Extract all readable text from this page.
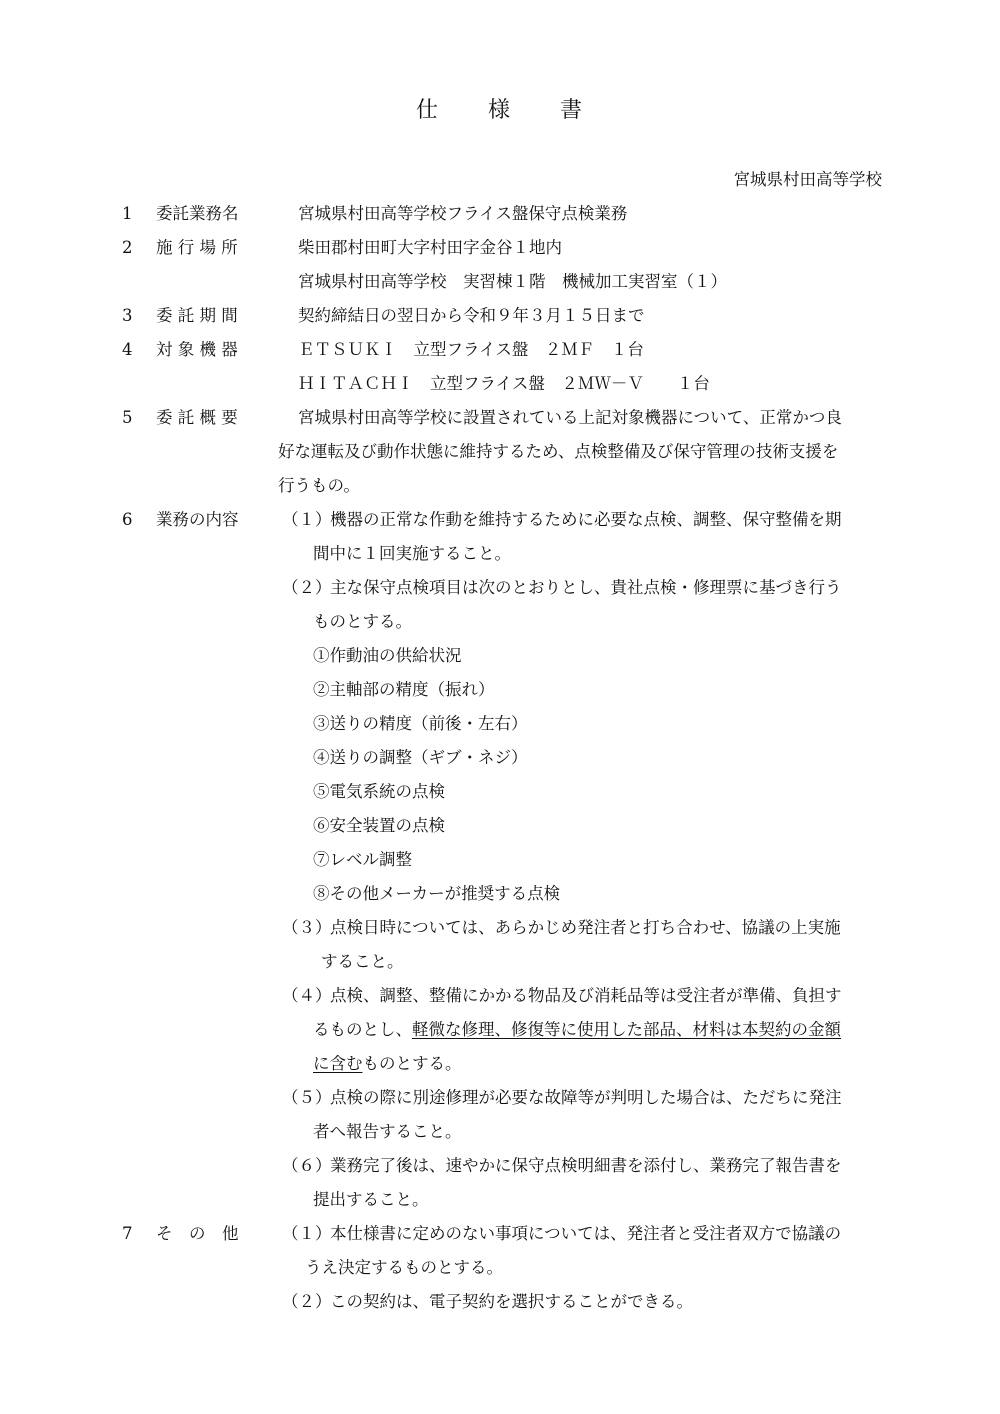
仕　　様　　書
宮城県村田高等学校
1 委託業務名	宮城県村田高等学校フライス盤保守点検業務
2 施 行 場 所	柴田郡村田町大字村田字金谷１地内
宮城県村田高等学校　実習棟１階　機械加工実習室（１）
3 委 託 期 間	契約締結日の翌日から令和９年３月１５日まで
4 対 象 機 器	ＥＴＳＵＫＩ　立型フライス盤　２ＭＦ　１台
ＨＩＴＡＣＨＩ　立型フライス盤　２ＭＷ－Ｖ　　１台
5 委 託 概 要	宮城県村田高等学校に設置されている上記対象機器について、正常かつ良
好な運転及び動作状態に維持するため、点検整備及び保守管理の技術支援を
行うもの。
6 業務の内容	（１）
機器の正常な作動を維持するために必要な点検、調整、保守整備を期
間中に１回実施すること。
（２）
主な保守点検項目は次のとおりとし、貴社点検・修理票に基づき行う
ものとする。
①作動油の供給状況
②主軸部の精度（振れ）
③送りの精度（前後・左右）
④送りの調整（ギブ・ネジ）
⑤電気系統の点検
⑥安全装置の点検
⑦レベル調整
⑧その他メーカーが推奨する点検
（３）
点検日時については、あらかじめ発注者と打ち合わせ、協議の上実施
すること。
（４）
点検、調整、整備にかかる物品及び消耗品等は受注者が準備、負担す
るものとし、軽微な修理、修復等に使用した部品、材料は本契約の金額
に含むものとする。
（５）
点検の際に別途修理が必要な故障等が判明した場合は、ただちに発注
者へ報告すること。
（６）
業務完了後は、速やかに保守点検明細書を添付し、業務完了報告書を
提出すること。
7 そ　の　他	（１）
本仕様書に定めのない事項については、発注者と受注者双方で協議の
うえ決定するものとする。
（２）
この契約は、電子契約を選択することができる。
